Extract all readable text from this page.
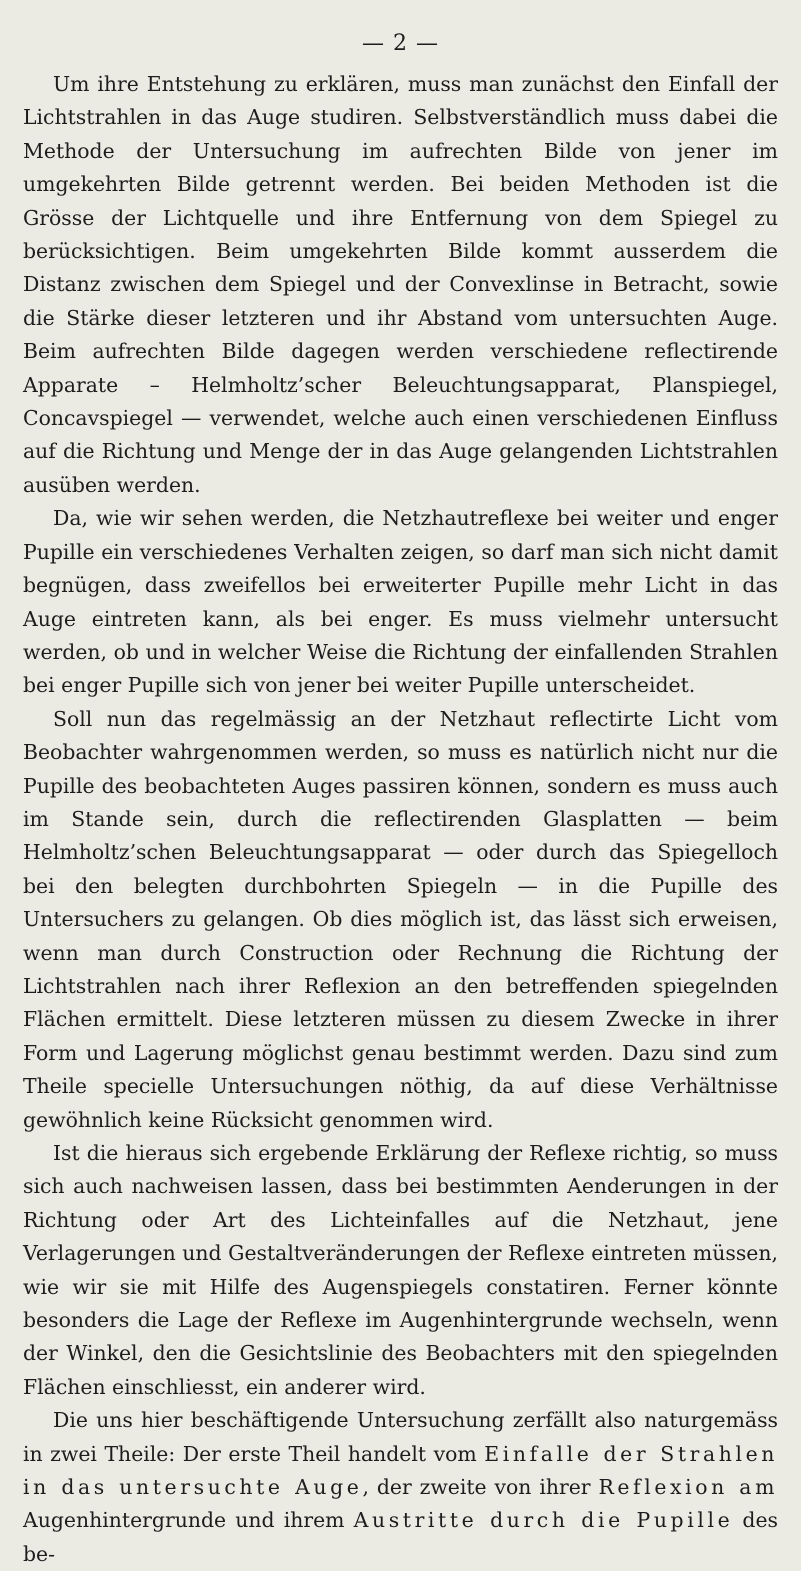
— 2 —

Um ihre Entstehung zu erklären, muss man zunächst den Einfall der Lichtstrahlen in das Auge studiren. Selbstverständlich muss dabei die Methode der Untersuchung im aufrechten Bilde von jener im umgekehrten Bilde getrennt werden. Bei beiden Methoden ist die Grösse der Lichtquelle und ihre Entfernung von dem Spiegel zu berücksichtigen. Beim umgekehrten Bilde kommt ausserdem die Distanz zwischen dem Spiegel und der Convexlinse in Betracht, sowie die Stärke dieser letzteren und ihr Abstand vom untersuchten Auge. Beim aufrechten Bilde dagegen werden verschiedene reflectirende Apparate – Helmholtz’scher Beleuchtungsapparat, Planspiegel, Concavspiegel — verwendet, welche auch einen verschiedenen Einfluss auf die Richtung und Menge der in das Auge gelangenden Lichtstrahlen ausüben werden.

Da, wie wir sehen werden, die Netzhautreflexe bei weiter und enger Pupille ein verschiedenes Verhalten zeigen, so darf man sich nicht damit begnügen, dass zweifellos bei erweiterter Pupille mehr Licht in das Auge eintreten kann, als bei enger. Es muss vielmehr untersucht werden, ob und in welcher Weise die Richtung der einfallenden Strahlen bei enger Pupille sich von jener bei weiter Pupille unterscheidet.

Soll nun das regelmässig an der Netzhaut reflectirte Licht vom Beobachter wahrgenommen werden, so muss es natürlich nicht nur die Pupille des beobachteten Auges passiren können, sondern es muss auch im Stande sein, durch die reflectirenden Glasplatten — beim Helmholtz’schen Beleuchtungsapparat — oder durch das Spiegelloch bei den belegten durchbohrten Spiegeln — in die Pupille des Untersuchers zu gelangen. Ob dies möglich ist, das lässt sich erweisen, wenn man durch Construction oder Rechnung die Richtung der Lichtstrahlen nach ihrer Reflexion an den betreffenden spiegelnden Flächen ermittelt. Diese letzteren müssen zu diesem Zwecke in ihrer Form und Lagerung möglichst genau bestimmt werden. Dazu sind zum Theile specielle Untersuchungen nöthig, da auf diese Verhältnisse gewöhnlich keine Rücksicht genommen wird.

Ist die hieraus sich ergebende Erklärung der Reflexe richtig, so muss sich auch nachweisen lassen, dass bei bestimmten Aenderungen in der Richtung oder Art des Lichteinfalles auf die Netzhaut, jene Verlagerungen und Gestaltveränderungen der Reflexe eintreten müssen, wie wir sie mit Hilfe des Augenspiegels constatiren. Ferner könnte besonders die Lage der Reflexe im Augenhintergrunde wechseln, wenn der Winkel, den die Gesichtslinie des Beobachters mit den spiegelnden Flächen einschliesst, ein anderer wird.

Die uns hier beschäftigende Untersuchung zerfällt also naturgemäss in zwei Theile: Der erste Theil handelt vom Einfalle der Strahlen in das untersuchte Auge, der zweite von ihrer Reflexion am Augenhintergrunde und ihrem Austritte durch die Pupille des be-
